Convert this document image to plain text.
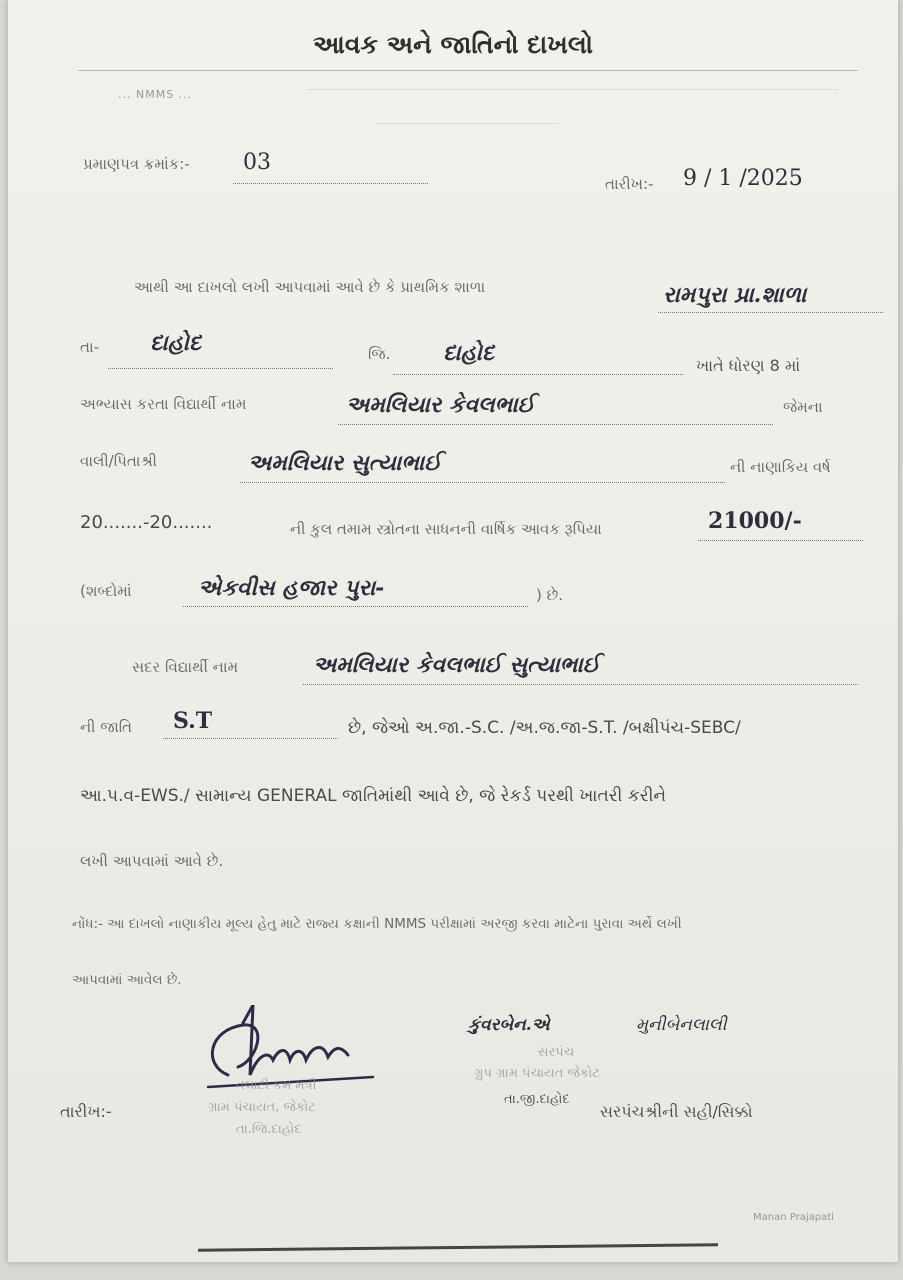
આવક અને જાતિનો દાખલો
... NMMS ...
પ્રમાણપત્ર ક્રમાંક:- 03
તારીખ:- 9 / 1 /2025
આથી આ દાખલો લખી આપવામાં આવે છે કે પ્રાથમિક શાળા	રામપુરા પ્રા.શાળા
તા- દાહોદ	જિ. દાહોદ	ખાતે ધોરણ 8 માં
અભ્યાસ કરતા વિદ્યાર્થી નામ	અમલિયાર કેવલભાઈ	જેમના
વાલી/પિતાશ્રી	અમલિયાર સુત્યાભાઈ	ની નાણાકિય વર્ષ
20.......-20.......	ની કુલ તમામ સ્ત્રોતના સાધનની વાર્ષિક આવક રૂપિયા	21000/-
(શબ્દોમાં	એકવીસ હજાર પુરા-	) છે.
સદર વિદ્યાર્થી નામ	અમલિયાર કેવલભાઈ સુત્યાભાઈ
ની જાતિ S.T	છે, જેઓ અ.જા.-S.C. /અ.જ.જા-S.T. /બક્ષીપંચ-SEBC/
આ.પ.વ-EWS./ સામાન્ય GENERAL જાતિમાંથી આવે છે, જે રેકર્ડ પરથી ખાતરી કરીને
લખી આપવામાં આવે છે.
નોંધ:- આ દાખલો નાણાકીય મૂલ્ય હેતુ માટે રાજ્ય કક્ષાની NMMS પરીક્ષામાં અરજી કરવા માટેના પુરાવા અર્થે લખી
આપવામાં આવેલ છે.
તલાટી કમ મંત્રી
ગ્રામ પંચાયત, જેકોટ
તા.જિ.દાહોદ
તારીખ:-
કુંવરબેન.એ	મુનીબેનલાલી
સરપંચ
ગ્રુપ ગ્રામ પંચાયત જેકોટ
તા.જી.દાહોદ
સરપંચશ્રીની સહી/સિક્કો
Manan Prajapati
